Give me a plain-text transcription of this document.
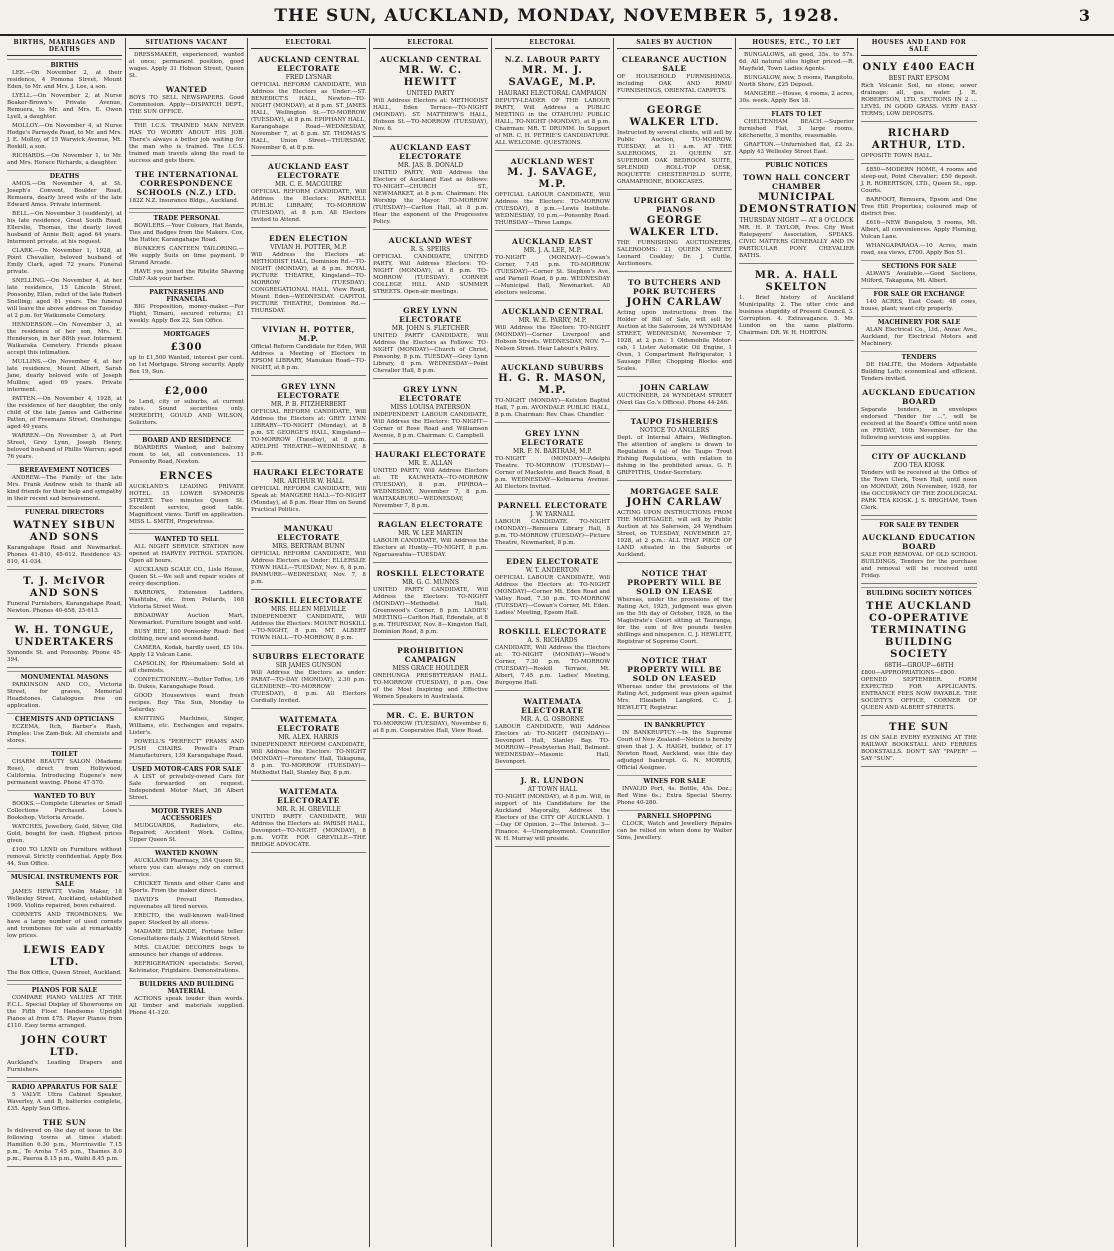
THE SUN, AUCKLAND, MONDAY, NOVEMBER 5, 1928.	3
BIRTHS, MARRIAGES AND DEATHS
BIRTHS
LEE.—On November 2, at their residence, 4 Pomona Street, Mount Eden, to Mr. and Mrs. J. Lee, a son.
LYELL.—On November 2, at Nurse Beaker-Brown's Private Avenue, Remuera, to Mr. and Mrs. E. Owen Lyell, a daughter.
MOLLOY.—On November 4, at Nurse Hodge's Parnsyde Road, to Mr. and Mrs. J. E. Molloy, of 15 Warwick Avenue, Mt. Roskill, a son.
RICHARDS.—On November 1, to Mr. and Mrs. Horace Richards, a daughter.
DEATHS
AMOS.—On November 4, at St. Joseph's Convent, Boulder Road, Remuera, dearly loved wife of the late Edward Amos. Private interment.
BELL.—On November 3 (suddenly), at his late residence, Great South Road, Ellerslie, Thomas, the dearly loved husband of Annie Bell; aged 64 years. Interment private, at his request.
CLARK.—On November 1, 1928, at Point Chevalier, beloved husband of Emily Clark, aged 72 years. Funeral private.
SNELLING.—On November 4, at her late residence, 15 Lincoln Street, Ponsonby, Ellen, relict of the late Robert Snelling; aged 81 years. The funeral will leave the above address on Tuesday at 2 p.m. for Waikumete Cemetery.
HENDERSON.—On November 3, at the residence of her son, Mrs. E. Henderson, in her 88th year. Interment Waikaraka Cemetery. Friends please accept this intimation.
MULLINS.—On November 4, at her late residence, Mount Albert, Sarah Jane, dearly beloved wife of Joseph Mullins; aged 69 years. Private interment.
PATTEN.—On November 4, 1928, at the residence of her daughter, the only child of the late James and Catherine Patten, of Freemans Street, Onehunga; aged 49 years.
WARREN.—On November 3, at Port Street, Grey Lynn, Joseph Henry, beloved husband of Phillis Warren; aged 76 years.
BEREAVEMENT NOTICES
ANDREW.—The Family of the late Mrs. Frank Andrew wish to thank all kind friends for their help and sympathy in their recent sad bereavement.
FUNERAL DIRECTORS
WATNEY SIBUN AND SONS
Karangahape Road and Newmarket. Phones 41-810, 45-612. Residence 43-810, 41-034.
T. J. McIVOR AND SONS
Funeral Furnishers, Karangahape Road, Newton. Phones 40-658, 25-613.
W. H. TONGUE, UNDERTAKERS
Symonds St. and Ponsonby. Phone 45-394.
MONUMENTAL MASONS
PARKINSON AND CO., Victoria Street, for graves, Memorial Headstones. Catalogues free on application.
CHEMISTS AND OPTICIANS
ECZEMA, Itch, Barber's Rash, Pimples: Use Zam-Buk. All chemists and stores.
TOILET
CHARM BEAUTY SALON (Madame Rose), direct from Hollywood, California. Introducing Eugene's new permanent waving. Phone 47-570.
WANTED TO BUY
BOOKS.—Complete Libraries or Small Collections Purchased. Lowe's Bookshop, Victoria Arcade.
WATCHES, Jewellery, Gold, Silver, Old Gold, bought for cash. Highest prices given.
£100 TO LEND on Furniture without removal. Strictly confidential. Apply Box 44, Sun Office.
MUSICAL INSTRUMENTS FOR SALE
JAMES HEWITT, Violin Maker, 18 Wellesley Street, Auckland, established 1909. Violins repaired, bows rehaired.
CORNETS AND TROMBONES. We have a large number of used cornets and trombones for sale at remarkably low prices.
LEWIS EADY LTD.
The Box Office, Queen Street, Auckland.
PIANOS FOR SALE
COMPARE PIANO VALUES AT THE F.C.L. Special Display of Showrooms on the Fifth Floor. Handsome Upright Pianos at from £75. Player Pianos from £110. Easy terms arranged.
JOHN COURT LTD.
Auckland's Leading Drapers and Furnishers.
RADIO APPARATUS FOR SALE
5 VALVE Ultra Cabinet Speaker, Waverley, A and B, batteries complete, £35. Apply Sun Office.
THE SUN
Is delivered on the day of issue to the following towns at times stated: Hamilton 6.30 p.m., Morrinsville 7.15 p.m., Te Aroha 7.45 p.m., Thames 8.0 p.m., Paeroa 8.15 p.m., Waihi 8.45 p.m.
SITUATIONS VACANT
DRESSMAKER, experienced, wanted at once; permanent position, good wages. Apply 31 Hobson Street, Queen St.
WANTED
BOYS TO SELL NEWSPAPERS. Good Commission. Apply—DISPATCH DEPT., THE SUN OFFICE.
THE I.C.S. TRAINED MAN NEVER HAS TO WORRY ABOUT HIS JOB. There's always a better job waiting for the man who is trained. The I.C.S. trained man travels along the road to success and gets there.
THE INTERNATIONAL CORRESPONDENCE SCHOOLS (N.Z.) LTD.
182Z N.Z. Insurance Bldgs., Auckland.
TRADE PERSONAL
BOWLERS.—Your Colours, Hat Bands, Ties and Badges from the Makers. Cox, the Hatter, Karangahape Road.
BUNKER'S CANTEEN TAILORING.—We supply Suits on time payment. 9 Strand Arcade.
HAVE you joined the Ritelite Shaving Club? Ask your barber.
PARTNERSHIPS AND FINANCIAL
BIG Proposition, money-maker.—For Flight, Timaru, secured returns; £1 weekly. Apply Box 22, Sun Office.
MORTGAGES
£300
up to £1,500 Wanted, interest per cent. on 1st Mortgage. Strong security. Apply Box 19, Sun.
£2,000
to Lend, city or suburbs, at current rates. Sound securities only. MEREDITH, GOULD AND WILSON, Solicitors.
BOARD AND RESIDENCE
BOARDERS Wanted, and balcony room to let, all conveniences. 11 Ponsonby Road, Newton.
ERNCES
AUCKLAND'S LEADING PRIVATE HOTEL. 15 LOWER SYMONDS STREET. Two minutes Queen St. Excellent service, good table. Magnificent views. Tariff on application. MISS L. SMITH, Proprietress.
WANTED TO SELL
ALL NIGHT SERVICE STATION now opened at HARVEY PETROL STATION. Open all hours.
AUCKLAND SCALE CO., Lisle House, Queen St.—We sell and repair scales of every description.
BARROWS, Extension Ladders, Washtubs, etc. from Pollards, 168 Victoria Street West.
BROADWAY Auction Mart, Newmarket. Furniture bought and sold.
BUSY BEE, 160 Ponsonby Road: Bed clothing, new and second-hand.
CAMERA, Kodak, hardly used, £5 10s. Apply 12 Vulcan Lane.
CAPSOLIN, for Rheumatism: Sold at all chemists.
CONFECTIONERY.—Butter Toffee, 1/6 lb. Dukes, Karangahape Road.
GOOD Housewives want fresh recipes. Buy The Sun, Monday to Saturday.
KNITTING Machines, Singer, Williams, etc. Exchanges and repairs. Lister's.
POWELL'S "PERFECT" PRAMS AND PUSH CHAIRS. Powell's Pram Manufacturers, 139 Karangahape Road.
USED MOTOR-CARS FOR SALE
A LIST of privately-owned Cars for Sale forwarded on request. Independent Motor Mart, 36 Albert Street.
MOTOR TYRES AND ACCESSORIES
MUDGUARDS, Radiators, etc. Repaired; Accident Work. Collins, Upper Queen St.
WANTED KNOWN
AUCKLAND Pharmacy, 354 Queen St., where you can always rely on correct service.
CRICKET Tennis and other Cane and Sports. From the maker direct.
DAVID'S Prevail Remedies, rejuvenates all tired nerves.
ERECTO, the wall-known wall-lined paper. Stocked by all stores.
MADAME DELANDE, Fortune teller. Consultations daily. 2 Wakefield Street.
MRS. CLAUDE DECORES begs to announce her change of address.
REFRIGERATION specialists: Servel, Kelvinator, Frigidaire. Demonstrations.
BUILDERS AND BUILDING MATERIAL
ACTIONS speak louder than words. All timber and materials supplied. Phone 41-120.
ELECTORAL
AUCKLAND CENTRAL ELECTORATE
FRED LYSNAR
OFFICIAL REFORM CANDIDATE, Will Address the Electors as Under:—ST. BENEDICT'S HALL, Newton—TO-NIGHT (MONDAY), at 8 p.m. ST. JAMES HALL, Wellington St.—TO-MORROW (TUESDAY), at 8 p.m. EPIPHANY HALL, Karangahape Road—WEDNESDAY, November 7, at 8 p.m. ST. THOMAS'S HALL, Union Street—THURSDAY, November 8, at 8 p.m.
AUCKLAND EAST ELECTORATE
MR. C. E. MACGUIRE
OFFICIAL REFORM CANDIDATE, Will Address the Electors: PARNELL PUBLIC LIBRARY, TO-MORROW (TUESDAY), at 8 p.m. All Electors Invited to Attend.
EDEN ELECTION
VIVIAN H. POTTER, M.P.
Will Address the Electors at: METHODIST HALL, Dominion Rd.—TO-NIGHT (MONDAY), at 8 p.m. ROYAL PICTURE THEATRE, Kingsland—TO-MORROW (TUESDAY). CONGREGATIONAL HALL, View Road, Mount Eden—WEDNESDAY. CAPITOL PICTURE THEATRE, Dominion Rd.—THURSDAY.
VIVIAN H. POTTER, M.P.
Official Reform Candidate for Eden, Will Address a Meeting of Electors in EPSOM LIBRARY, Manukau Road—TO-NIGHT, at 8 p.m.
GREY LYNN ELECTORATE
MR. P. B. FITZHERBERT
OFFICIAL REFORM CANDIDATE, Will Address the Electors at: GREY LYNN LIBRARY—TO-NIGHT (Monday), at 8 p.m. ST. GEORGE'S HALL, Kingsland—TO-MORROW (Tuesday), at 8 p.m. ADELPHI THEATRE—WEDNESDAY, 8 p.m.
HAURAKI ELECTORATE
MR. ARTHUR W. HALL
OFFICIAL REFORM CANDIDATE, Will Speak at: MANGERE HALL—TO-NIGHT (Monday), at 8 p.m. Hear Him on Sound Practical Politics.
MANUKAU ELECTORATE
MRS. BERTRAM BUNN
OFFICIAL REFORM CANDIDATE, Will Address Electors as Under: ELLERSLIE TOWN HALL—TUESDAY, Nov. 6, 8 p.m. PANMURE—WEDNESDAY, Nov. 7, 8 p.m.
ROSKILL ELECTORATE
MRS. ELLEN MELVILLE
INDEPENDENT CANDIDATE, Will Address the Electors: MOUNT ROSKILL—TO-NIGHT, 8 p.m. MT. ALBERT TOWN HALL—TO-MORROW, 8 p.m.
SUBURBS ELECTORATE
SIR JAMES GUNSON
Will Address the Electors as under: PARAT—TO-DAY (MONDAY), 2.30 p.m. GLENDENE—TO-MORROW (TUESDAY), 8 p.m. All Electors Cordially Invited.
WAITEMATA ELECTORATE
MR. ALEX. HARRIS
INDEPENDENT REFORM CANDIDATE, Will Address the Electors: TO-NIGHT (MONDAY)—Foresters' Hall, Takapuna, 8 p.m. TO-MORROW (TUESDAY)—Methodist Hall, Stanley Bay, 8 p.m.
WAITEMATA ELECTORATE
MR. R. H. GREVILLE
UNITED PARTY CANDIDATE, Will Address the Electors at: PARISH HALL, Devonport—TO-NIGHT (MONDAY), 8 p.m. VOTE FOR GREVILLE—THE BRIDGE ADVOCATE.
ELECTORAL
AUCKLAND CENTRAL
MR. W. C. HEWITT
UNITED PARTY
Will Address Electors at: METHODIST HALL, Eden Terrace—TO-NIGHT (MONDAY). ST. MATTHEW'S HALL, Hobson St.—TO-MORROW (TUESDAY), Nov. 6.
AUCKLAND EAST ELECTORATE
MR. JAS. B. DONALD
UNITED PARTY, Will Address the Electors of Auckland East as follows: TO-NIGHT—CHURCH ST., NEWMARKET, at 8 p.m. Chairman: His Worship the Mayor. TO-MORROW (TUESDAY)—Carlton Hall, at 8 p.m. Hear the exponent of the Progressive Policy.
AUCKLAND WEST
R. S. SPEIRS
OFFICIAL CANDIDATE, UNITED PARTY, Will Address Electors: TO-NIGHT (MONDAY), at 8 p.m. TO-MORROW (TUESDAY). CORNER COLLEGE HILL AND SUMMER STREETS. Open-air meetings.
GREY LYNN ELECTORATE
MR. JOHN S. FLETCHER
UNITED PARTY CANDIDATE, Will Address the Electors as Follows: TO-NIGHT (MONDAY)—Church of Christ, Ponsonby, 8 p.m. TUESDAY—Grey Lynn Library, 8 p.m. WEDNESDAY—Point Chevalier Hall, 8 p.m.
GREY LYNN ELECTORATE
MISS LOUISA PATERSON
INDEPENDENT LABOUR CANDIDATE, Will Address the Electors: TO-NIGHT—Corner of Rose Road and Williamson Avenue, 8 p.m. Chairman: C. Campbell.
HAURAKI ELECTORATE
MR. E. ALLAN
UNITED PARTY, Will Address Electors at: TE KAUWHATA—TO-MORROW (TUESDAY), 8 p.m. PIPIROA—WEDNESDAY, November 7, 8 p.m. WAITAKARURU—WEDNESDAY, November 7, 8 p.m.
RAGLAN ELECTORATE
MR. W. LEE MARTIN
LABOUR CANDIDATE, Will Address the Electors at Huntly—TO-NIGHT, 8 p.m. Ngaruawahia—TUESDAY.
ROSKILL ELECTORATE
MR. G. C. MUNNS
UNITED PARTY CANDIDATE, Will Address the Electors: TO-NIGHT (MONDAY)—Methodist Hall, Greenwood's Corner, 8 p.m. LADIES' MEETING—Carlton Hall, Edendale, at 8 p.m. THURSDAY, Nov. 8—Kingston Hall, Dominion Road, 8 p.m.
PROHIBITION CAMPAIGN
MISS GRACE HOULDER
ONEHUNGA PRESBYTERIAN HALL. TO-MORROW (TUESDAY), 8 p.m. One of the Most Inspiring and Effective Women Speakers in Australasia.
MR. C. E. BURTON
TO-MORROW (TUESDAY), November 6, at 8 p.m. Cooperative Hall, View Road.
ELECTORAL
N.Z. LABOUR PARTY
MR. M. J. SAVAGE, M.P.
HAURAKI ELECTORAL CAMPAIGN
DEPUTY-LEADER OF THE LABOUR PARTY, Will Address a PUBLIC MEETING in the OTAHUHU PUBLIC HALL, TO-NIGHT (MONDAY), at 8 p.m. Chairman: MR. T. DRUMM. In Support of MR. C. H. PETRIE'S CANDIDATURE. ALL WELCOME. QUESTIONS.
AUCKLAND WEST
M. J. SAVAGE, M.P.
OFFICIAL LABOUR CANDIDATE, Will Address the Electors: TO-MORROW (TUESDAY), 8 p.m.—Lewis Institute. WEDNESDAY, 10 p.m.—Ponsonby Road. THURSDAY—Three Lamps.
AUCKLAND EAST
MR. J. A. LEE, M.P.
TO-NIGHT (MONDAY)—Cowan's Corner, 7.45 p.m. TO-MORROW (TUESDAY)—Corner St. Stephen's Ave. and Parnell Road, 8 p.m. WEDNESDAY—Municipal Hall, Newmarket. All electors welcome.
AUCKLAND CENTRAL
MR. W. E. PARRY, M.P.
Will Address the Electors: TO-NIGHT (MONDAY)—Corner Liverpool and Hobson Streets. WEDNESDAY, NOV. 7—Nelson Street. Hear Labour's Policy.
AUCKLAND SUBURBS
H. G. R. MASON, M.P.
TO-NIGHT (MONDAY)—Kelston Baptist Hall, 7 p.m. AVONDALE PUBLIC HALL, 8 p.m. Chairman: Rev. Chas. Chandler.
GREY LYNN ELECTORATE
MR. F. N. BARTRAM, M.P.
TO-NIGHT (MONDAY)—Adelphi Theatre. TO-MORROW (TUESDAY)—Corner of Mackelvie and Beach Road, 8 p.m. WEDNESDAY—Kelmarna Avenue. All Electors Invited.
PARNELL ELECTORATE
J. W. YARNALL
LABOUR CANDIDATE. TO-NIGHT (MONDAY)—Remuera Library Hall, 8 p.m. TO-MORROW (TUESDAY)—Picture Theatre, Newmarket, 8 p.m.
EDEN ELECTORATE
W. T. ANDERTON
OFFICIAL LABOUR CANDIDATE, Will Address the Electors at: TO-NIGHT (MONDAY)—Corner Mt. Eden Road and Valley Road, 7.30 p.m. TO-MORROW (TUESDAY)—Cowan's Corner, Mt. Eden. Ladies' Meeting, Epsom Hall.
ROSKILL ELECTORATE
A. S. RICHARDS
CANDIDATE, Will Address the Electors at: TO-NIGHT (MONDAY)—Wood's Corner, 7.30 p.m. TO-MORROW (TUESDAY)—Roskill Terrace, Mt. Albert, 7.45 p.m. Ladies' Meeting, Burgoyne Hall.
WAITEMATA ELECTORATE
MR. A. G. OSBORNE
LABOUR CANDIDATE, Will Address Electors at: TO-NIGHT (MONDAY)—Devonport Hall, Stanley Bay. TO-MORROW—Presbyterian Hall, Belmont. WEDNESDAY—Masonic Hall, Devonport.
J. R. LUNDON
AT TOWN HALL
TO-NIGHT (MONDAY), at 8 p.m. Will, in support of his Candidature for the Auckland Mayoralty, Address the Electors of the CITY OF AUCKLAND. 1—Day Of Opinion. 2—The Interest. 3—Finance. 4—Unemployment. Councillor W. H. Murray will preside.
SALES BY AUCTION
CLEARANCE AUCTION SALE
OF HOUSEHOLD FURNISHINGS, including OAK AND RIMU FURNISHINGS, ORIENTAL CARPETS.
GEORGE WALKER LTD.
Instructed by several clients, will sell by Public Auction, TO-MORROW, TUESDAY, at 11 a.m. AT THE SALEROOMS, 21 QUEEN ST. SUPERIOR OAK BEDROOM SUITE, SPLENDID ROLL-TOP DESK, ROQUETTE CHESTERFIELD SUITE, GRAMAPHONE, BOOKCASES.
UPRIGHT GRAND PIANOS
GEORGE WALKER LTD.
THE FURNISHING AUCTIONEERS, SALEROOMS: 21 QUEEN STREET. Leonard Coakley; Dr. J. Cuttle, Auctioneers.
TO BUTCHERS AND PORK BUTCHERS
JOHN CARLAW
Acting upon instructions from the Holder of Bill of Sale, will sell by Auction at the Saleroom, 24 WYNDHAM STREET, WEDNESDAY, November 7, 1928, at 2 p.m.: 1 Oldsmobile Motor-cab, 1 Lister Automatic Oil Engine, 1 Oven, 1 Compartment Refrigerator, 1 Sausage Filler, Chopping Blocks and Scales.
JOHN CARLAW
AUCTIONEER, 24 WYNDHAM STREET (Next Gas Co.'s Offices). Phone 44-246.
TAUPO FISHERIES
NOTICE TO ANGLERS
Dept. of Internal Affairs, Wellington. The attention of anglers is drawn to Regulation 4 (a) of the Taupo Trout Fishing Regulations, with relation to fishing in the prohibited areas. G. F. GRIFFITHS, Under-Secretary.
MORTGAGEE SALE
JOHN CARLAW
ACTING UPON INSTRUCTIONS FROM THE MORTGAGEE, will sell by Public Auction at his Saleroom, 24 Wyndham Street, on TUESDAY, NOVEMBER 27, 1928, at 2 p.m.: ALL THAT PIECE OF LAND situated in the Suburbs of Auckland.
NOTICE THAT PROPERTY WILL BE SOLD ON LEASE
Whereas, under the provisions of the Rating Act, 1925, judgment was given on the 5th day of October, 1928, in the Magistrate's Court sitting at Tauranga, for the sum of five pounds twelve shillings and ninepence. C. J. HEWLETT, Registrar of Supreme Court.
NOTICE THAT PROPERTY WILL BE SOLD ON LEASED
Whereas under the provisions of the Rating Act, judgment was given against Mrs. Elizabeth Langford. C. J. HEWLETT, Registrar.
IN BANKRUPTCY
IN BANKRUPTCY.—In the Supreme Court of New Zealand—Notice is hereby given that J. A. HAIGH, builder, of 17 Newton Road, Auckland, was this day adjudged bankrupt. G. N. MORRIS, Official Assignee.
WINES FOR SALE
INVALID Port, 4s. Bottle, 45s. Doz.; Red Wine 6s.; Extra Special Sherry. Phone 40-280.
PARNELL SHOPPING
CLOCK, Watch and Jewellery Repairs can be relied on when done by Walter Sims, Jewellery.
HOUSES, ETC., TO LET
BUNGALOWS, all good, 35s. to 57s. 6d. All natural sites higher priced.—R. Mayfield, Town Ladies Agents.
BUNGALOW, new, 5 rooms, Rangitoto, North Shore, £25 Deposit.
MANGERE.—House, 4 rooms, 2 acres, 30s. week. Apply Box 18.
FLATS TO LET
CHELTENHAM BEACH.—Superior furnished Flat, 3 large rooms, kitchenette, 3 months, reasonable.
GRAFTON.—Unfurnished flat, £2 2s. Apply 43 Wellesley Street East.
PUBLIC NOTICES
TOWN HALL CONCERT CHAMBER
MUNICIPAL DEMONSTRATION
THURSDAY NIGHT — AT 8 O'CLOCK
MR. H. P. TAYLOR, Pres. City West Ratepayers' Association, SPEAKS. CIVIC MATTERS GENERALLY AND IN PARTICULAR PONY CHEVALIER BATHS.
MR. A. HALL SKELTON
1. Brief history of Auckland Municipality. 2. The utter civic and business stupidity of Present Council. 3. Corruption. 4. Extravagance. 5. Mr. Lundon on the same platform. Chairman: DR. W. H. HORTON.
HOUSES AND LAND FOR SALE
ONLY £400 EACH
BEST PART EPSOM
Rich Volcanic Soil, no stone; sewer drainage; all, gas, water. J. R. ROBERTSON, LTD. SECTIONS IN 2 ... LEVEL IN GOOD GRASS. VERY EASY TERMS; LOW DEPOSITS.
RICHARD ARTHUR, LTD.
OPPOSITE TOWN HALL.
£850—MODERN HOME, 4 rooms and sleep-out, Point Chevalier; £50 deposit. J. R. ROBERTSON, LTD., Queen St., opp. Courts.
BARFOOT, Remuera, Epsom and One Tree Hill Properties; coloured map of district free.
£616—NEW Bungalow, 5 rooms, Mt. Albert, all conveniences. Apply Fleming, Vulcan Lane.
WHANGAPARAOA.—10 Acres, main road, sea views, £700. Apply Box 51.
SECTIONS FOR SALE
ALWAYS Available.—Good Sections, Milford, Takapuna, Mt. Albert.
FOR SALE OR EXCHANGE
140 ACRES, East Coast; 48 cows, house, plant; want city property.
MACHINERY FOR SALE
ALAN Electrical Co., Ltd., Anzac Ave., Auckland, for Electrical Motors and Machinery.
TENDERS
DE HALITE, the Modern Adjustable Building Lath; economical and efficient. Tenders invited.
AUCKLAND EDUCATION BOARD
Separate tenders, in envelopes endorsed "Tender for ...", will be received at the Board's Office until noon on FRIDAY, 16th November, for the following services and supplies.
CITY OF AUCKLAND
ZOO TEA KIOSK
Tenders will be received at the Office of the Town Clerk, Town Hall, until noon on MONDAY, 26th November, 1928, for the OCCUPANCY OF THE ZOOLOGICAL PARK TEA KIOSK. J. S. BRIGHAM, Town Clerk.
FOR SALE BY TENDER
AUCKLAND EDUCATION BOARD
SALE FOR REMOVAL OF OLD SCHOOL BUILDINGS, Tenders for the purchase and removal will be received until Friday.
BUILDING SOCIETY NOTICES
THE AUCKLAND CO-OPERATIVE TERMINATING BUILDING SOCIETY
68TH—GROUP—68TH
£800—APPROPRIATIONS—£800. OPENED SEPTEMBER. FORM EXPECTED FOR APPLICANTS. ENTRANCE FEES NOW PAYABLE. THE SOCIETY'S OFFICE, CORNER OF QUEEN AND ALBERT STREETS.
THE SUN
IS ON SALE EVERY EVENING AT THE RAILWAY BOOKSTALL AND FERRIES BOOKSTALLS. DON'T SAY "PAPER" — SAY "SUN".
